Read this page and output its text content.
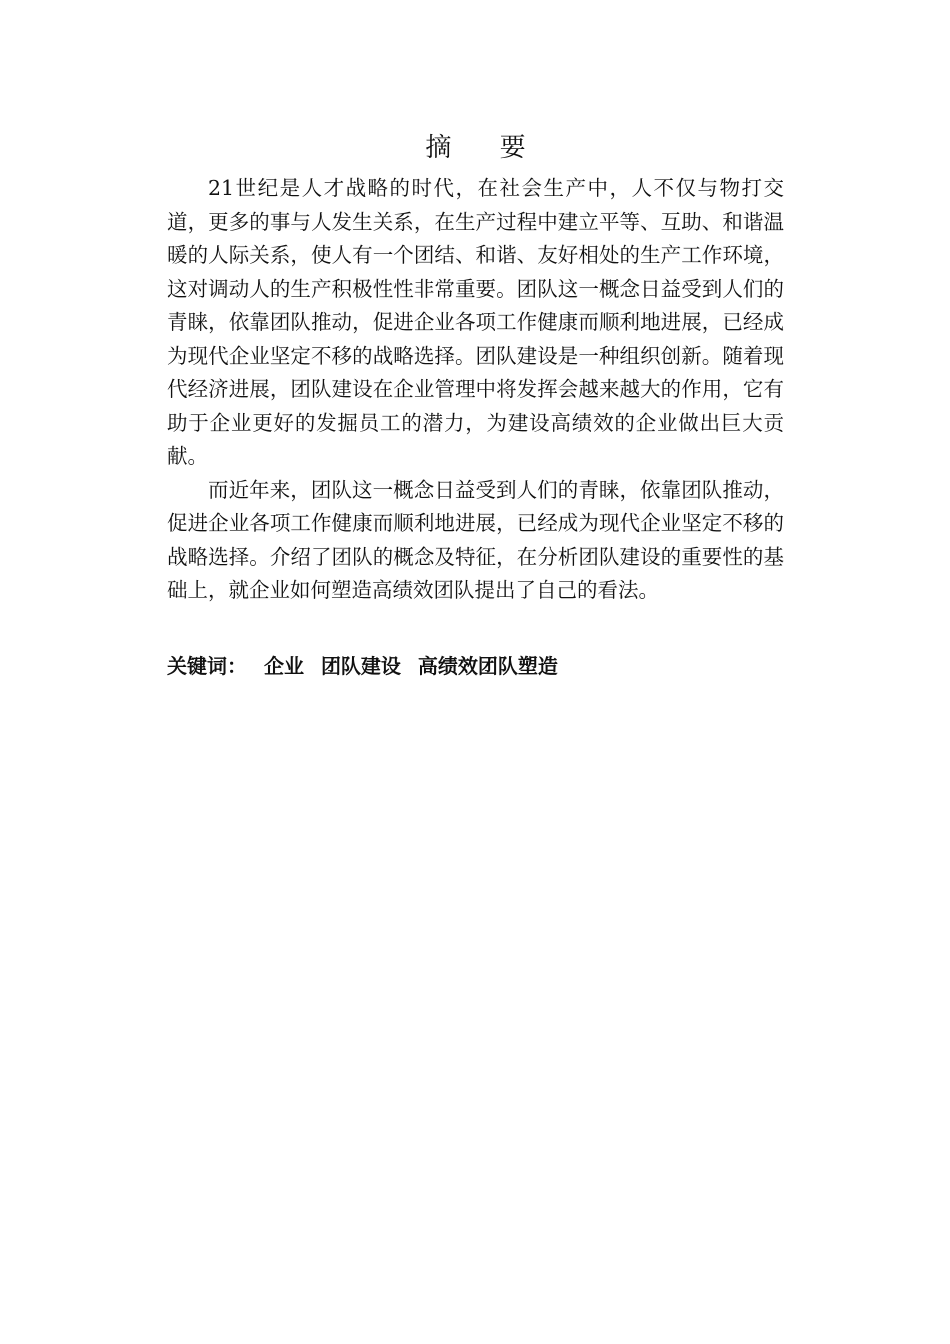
摘 要

21世纪是人才战略的时代，在社会生产中，人不仅与物打交道，更多的事与人发生关系，在生产过程中建立平等、互助、和谐温暖的人际关系，使人有一个团结、和谐、友好相处的生产工作环境，这对调动人的生产积极性性非常重要。团队这一概念日益受到人们的青睐，依靠团队推动，促进企业各项工作健康而顺利地进展，已经成为现代企业坚定不移的战略选择。团队建设是一种组织创新。随着现代经济进展，团队建设在企业管理中将发挥会越来越大的作用，它有助于企业更好的发掘员工的潜力，为建设高绩效的企业做出巨大贡献。

而近年来，团队这一概念日益受到人们的青睐，依靠团队推动，促进企业各项工作健康而顺利地进展，已经成为现代企业坚定不移的战略选择。介绍了团队的概念及特征，在分析团队建设的重要性的基础上，就企业如何塑造高绩效团队提出了自己的看法。

关键词： 企业 团队建设 高绩效团队塑造
